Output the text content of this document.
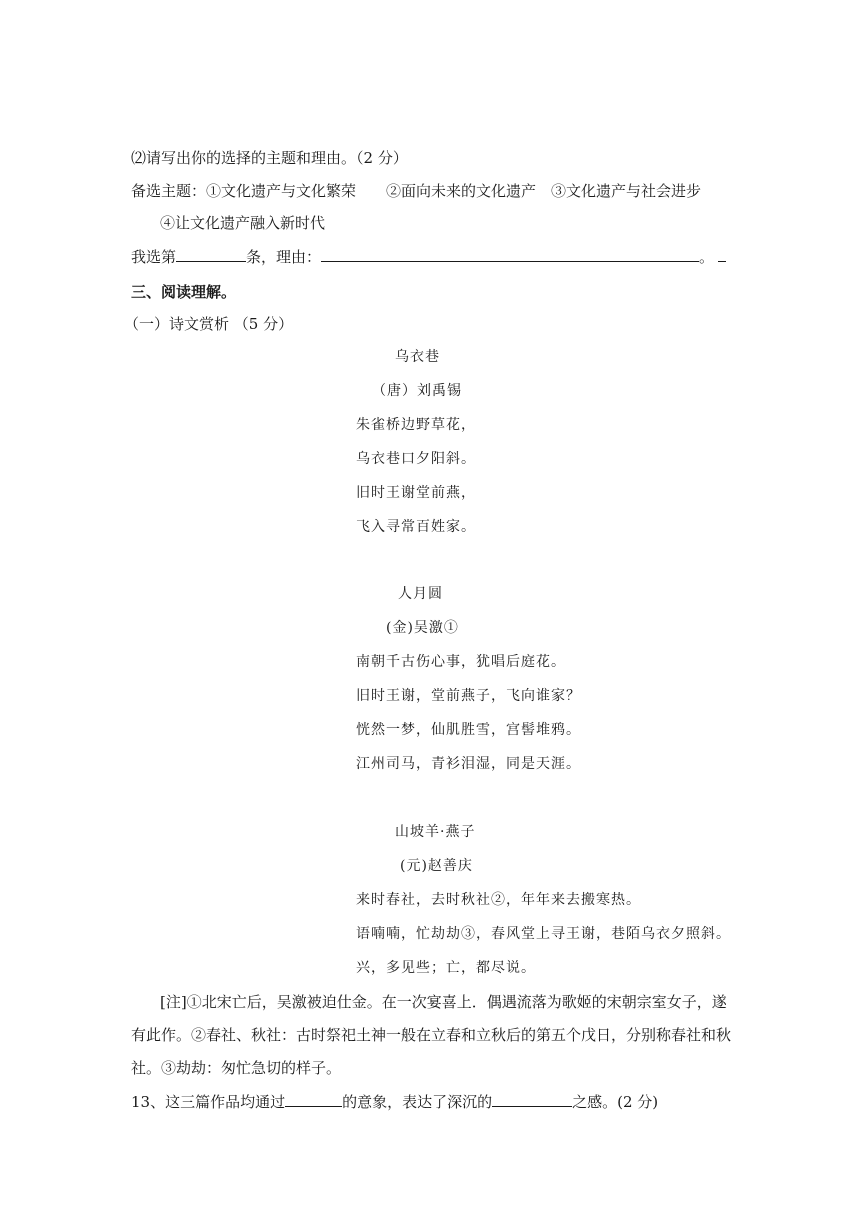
⑵请写出你的选择的主题和理由。（2 分）
备选主题：①文化遗产与文化繁荣　　②面向未来的文化遗产　③文化遗产与社会进步
④让文化遗产融入新时代
我选第	条，理由：	。
三、阅读理解。
（一）诗文赏析 （5 分）
乌衣巷
（唐）刘禹锡
朱雀桥边野草花，
乌衣巷口夕阳斜。
旧时王谢堂前燕，
飞入寻常百姓家。
人月圆
(金)吴激①
南朝千古伤心事，犹唱后庭花。
旧时王谢，堂前燕子，飞向谁家？
恍然一梦，仙肌胜雪，宫髻堆鸦。
江州司马，青衫泪湿，同是天涯。
山坡羊·燕子
(元)赵善庆
来时春社，去时秋社②，年年来去搬寒热。
语喃喃，忙劫劫③，春风堂上寻王谢，巷陌乌衣夕照斜。
兴，多见些；亡，都尽说。
[注]①北宋亡后，吴激被迫仕金。在一次宴喜上．偶遇流落为歌姬的宋朝宗室女子，遂
有此作。②春社、秋社：古时祭祀土神一般在立春和立秋后的第五个戊日，分别称春社和秋
社。③劫劫：匆忙急切的样子。
13、这三篇作品均通过	的意象，表达了深沉的	之感。(2 分)
